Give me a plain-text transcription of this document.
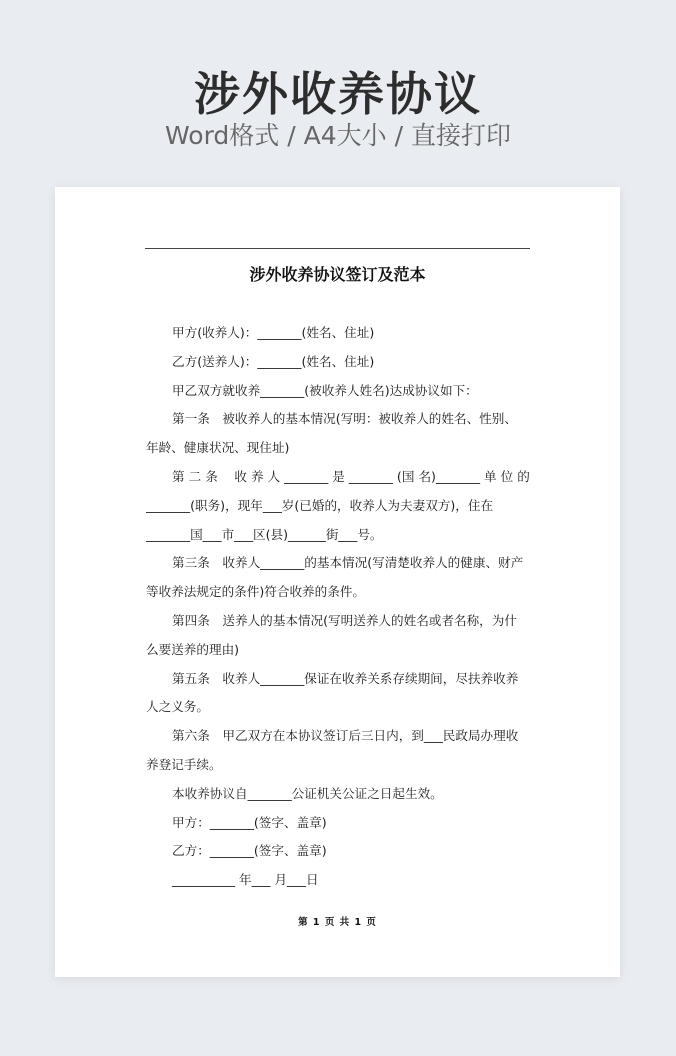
涉外收养协议
Word格式 / A4大小 / 直接打印
涉外收养协议签订及范本

甲方(收养人)：_______(姓名、住址)

乙方(送养人)：_______(姓名、住址)

甲乙双方就收养_______(被收养人姓名)达成协议如下：

第一条　被收养人的基本情况(写明：被收养人的姓名、性别、

年龄、健康状况、现住址)

第 二 条　 收 养 人 _______ 是 _______ (国 名)_______ 单 位 的

_______(职务)，现年___岁(已婚的，收养人为夫妻双方)，住在

_______国___市___区(县)______街___号。

第三条　收养人_______的基本情况(写清楚收养人的健康、财产

等收养法规定的条件)符合收养的条件。

第四条　送养人的基本情况(写明送养人的姓名或者名称，为什

么要送养的理由)

第五条　收养人_______保证在收养关系存续期间，尽扶养收养

人之义务。

第六条　甲乙双方在本协议签订后三日内，到___民政局办理收

养登记手续。

本收养协议自_______公证机关公证之日起生效。

甲方：_______(签字、盖章)

乙方：_______(签字、盖章)

__________ 年___ 月___日

第 1 页 共 1 页
